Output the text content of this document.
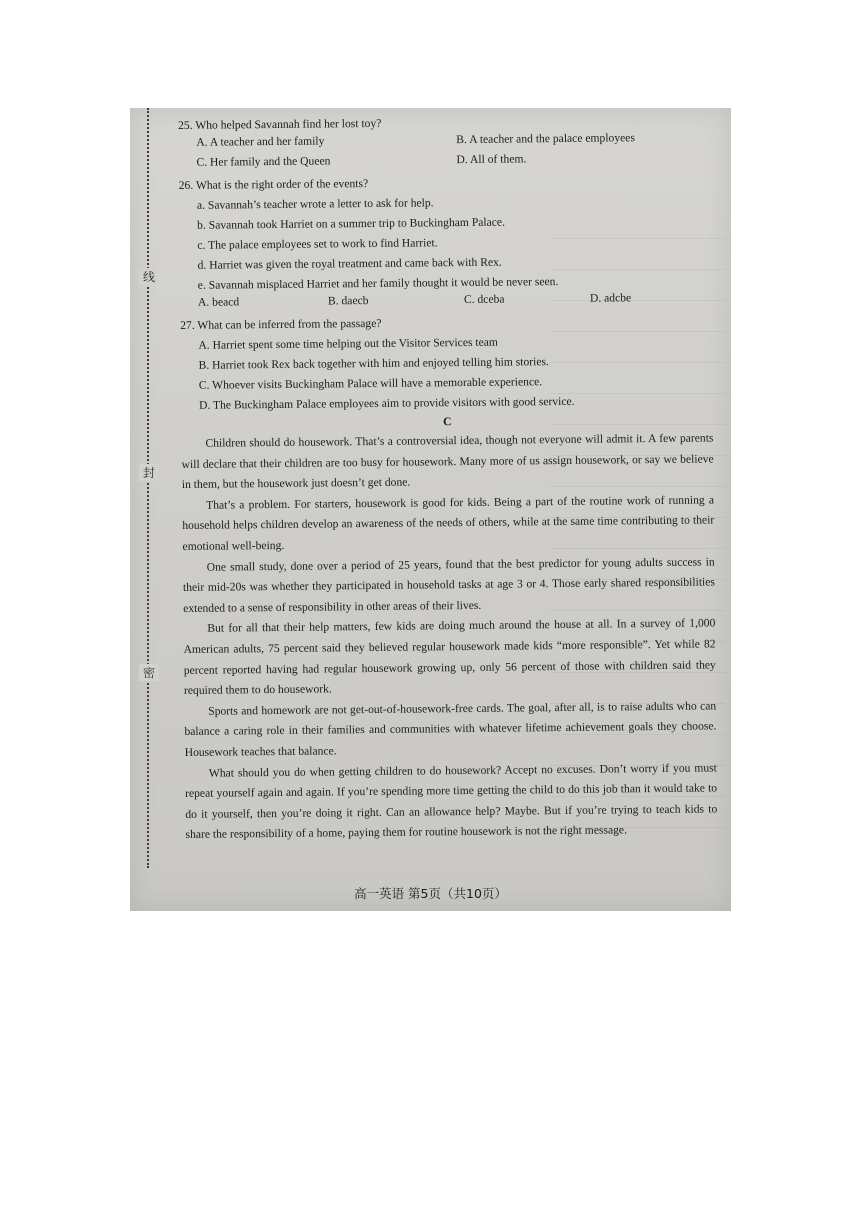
线
封
密

25. Who helped Savannah find her lost toy?

A. A teacher and her family	B. A teacher and the palace employees
C. Her family and the Queen	D. All of them.

26. What is the right order of the events?

a. Savannah’s teacher wrote a letter to ask for help.

b. Savannah took Harriet on a summer trip to Buckingham Palace.

c. The palace employees set to work to find Harriet.

d. Harriet was given the royal treatment and came back with Rex.

e. Savannah misplaced Harriet and her family thought it would be never seen.

A. beacd	B. daecb	C. dceba	D. adcbe

27. What can be inferred from the passage?

A. Harriet spent some time helping out the Visitor Services team

B. Harriet took Rex back together with him and enjoyed telling him stories.

C. Whoever visits Buckingham Palace will have a memorable experience.

D. The Buckingham Palace employees aim to provide visitors with good service.

C

Children should do housework. That’s a controversial idea, though not everyone will admit it. A few parents will declare that their children are too busy for housework. Many more of us assign housework, or say we believe in them, but the housework just doesn’t get done.

That’s a problem. For starters, housework is good for kids. Being a part of the routine work of running a household helps children develop an awareness of the needs of others, while at the same time contributing to their emotional well-being.

One small study, done over a period of 25 years, found that the best predictor for young adults success in their mid-20s was whether they participated in household tasks at age 3 or 4. Those early shared responsibilities extended to a sense of responsibility in other areas of their lives.

But for all that their help matters, few kids are doing much around the house at all. In a survey of 1,000 American adults, 75 percent said they believed regular housework made kids “more responsible”. Yet while 82 percent reported having had regular housework growing up, only 56 percent of those with children said they required them to do housework.

Sports and homework are not get-out-of-housework-free cards. The goal, after all, is to raise adults who can balance a caring role in their families and communities with whatever lifetime achievement goals they choose. Housework teaches that balance.

What should you do when getting children to do housework? Accept no excuses. Don’t worry if you must repeat yourself again and again. If you’re spending more time getting the child to do this job than it would take to do it yourself, then you’re doing it right. Can an allowance help? Maybe. But if you’re trying to teach kids to share the responsibility of a home, paying them for routine housework is not the right message.

高一英语 第5页（共10页）
